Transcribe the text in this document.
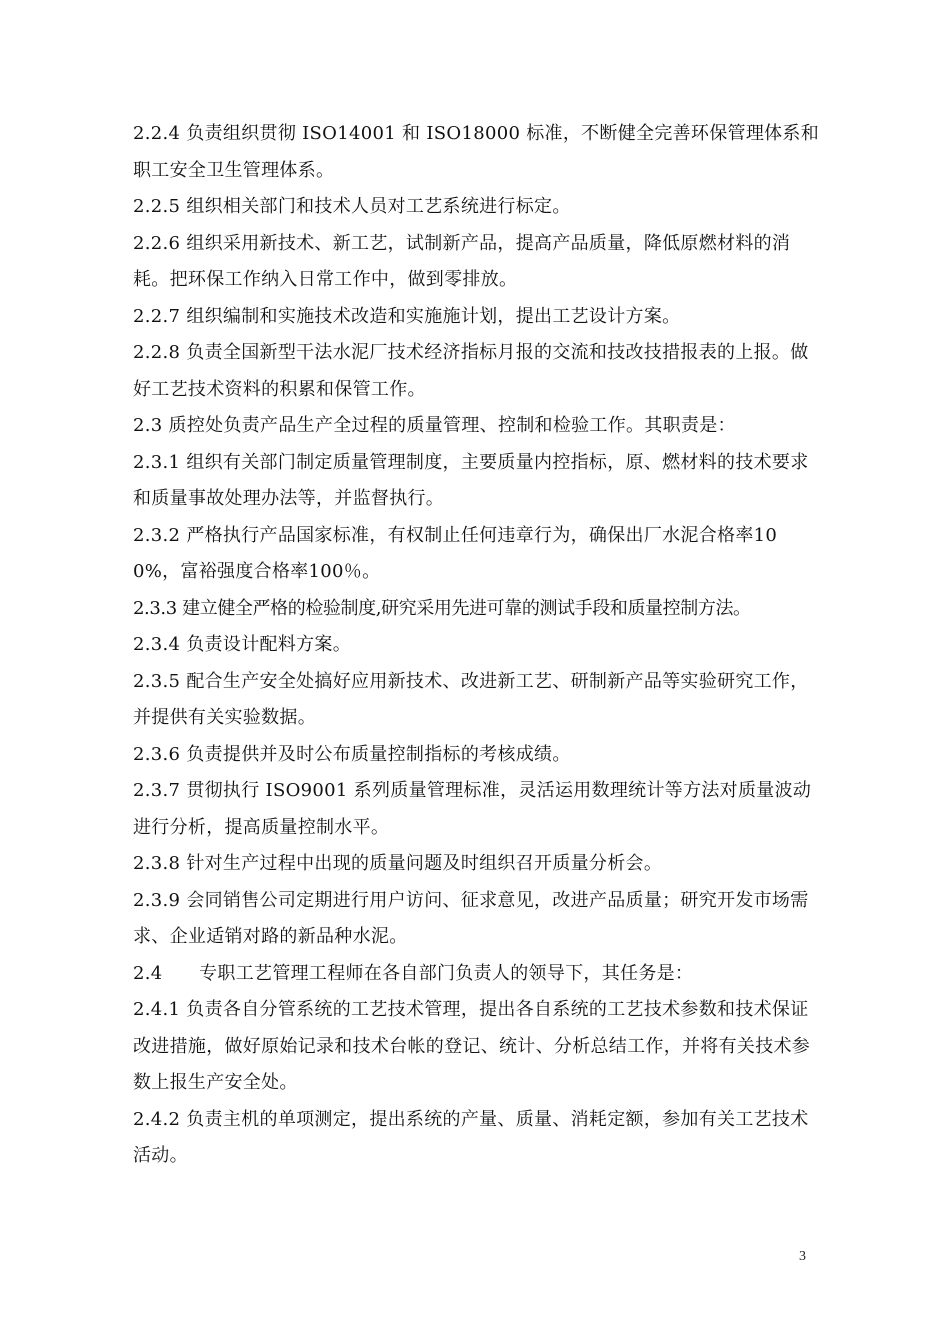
2.2.4 负责组织贯彻 ISO14001 和 ISO18000 标准，不断健全完善环保管理体系和职工安全卫生管理体系。

2.2.5 组织相关部门和技术人员对工艺系统进行标定。

2.2.6 组织采用新技术、新工艺，试制新产品，提高产品质量，降低原燃材料的消耗。把环保工作纳入日常工作中，做到零排放。

2.2.7 组织编制和实施技术改造和实施施计划，提出工艺设计方案。

2.2.8 负责全国新型干法水泥厂技术经济指标月报的交流和技改技措报表的上报。做好工艺技术资料的积累和保管工作。

2.3 质控处负责产品生产全过程的质量管理、控制和检验工作。其职责是：

2.3.1 组织有关部门制定质量管理制度，主要质量内控指标，原、燃材料的技术要求和质量事故处理办法等，并监督执行。

2.3.2 严格执行产品国家标准，有权制止任何违章行为，确保出厂水泥合格率100%，富裕强度合格率100％。

2.3.3 建立健全严格的检验制度,研究采用先进可靠的测试手段和质量控制方法。

2.3.4 负责设计配料方案。

2.3.5 配合生产安全处搞好应用新技术、改进新工艺、研制新产品等实验研究工作，并提供有关实验数据。

2.3.6 负责提供并及时公布质量控制指标的考核成绩。

2.3.7 贯彻执行 ISO9001 系列质量管理标准，灵活运用数理统计等方法对质量波动进行分析，提高质量控制水平。

2.3.8 针对生产过程中出现的质量问题及时组织召开质量分析会。

2.3.9 会同销售公司定期进行用户访问、征求意见，改进产品质量；研究开发市场需求、企业适销对路的新品种水泥。

2.4　　专职工艺管理工程师在各自部门负责人的领导下，其任务是：

2.4.1 负责各自分管系统的工艺技术管理，提出各自系统的工艺技术参数和技术保证改进措施，做好原始记录和技术台帐的登记、统计、分析总结工作，并将有关技术参数上报生产安全处。

2.4.2 负责主机的单项测定，提出系统的产量、质量、消耗定额，参加有关工艺技术活动。

3
